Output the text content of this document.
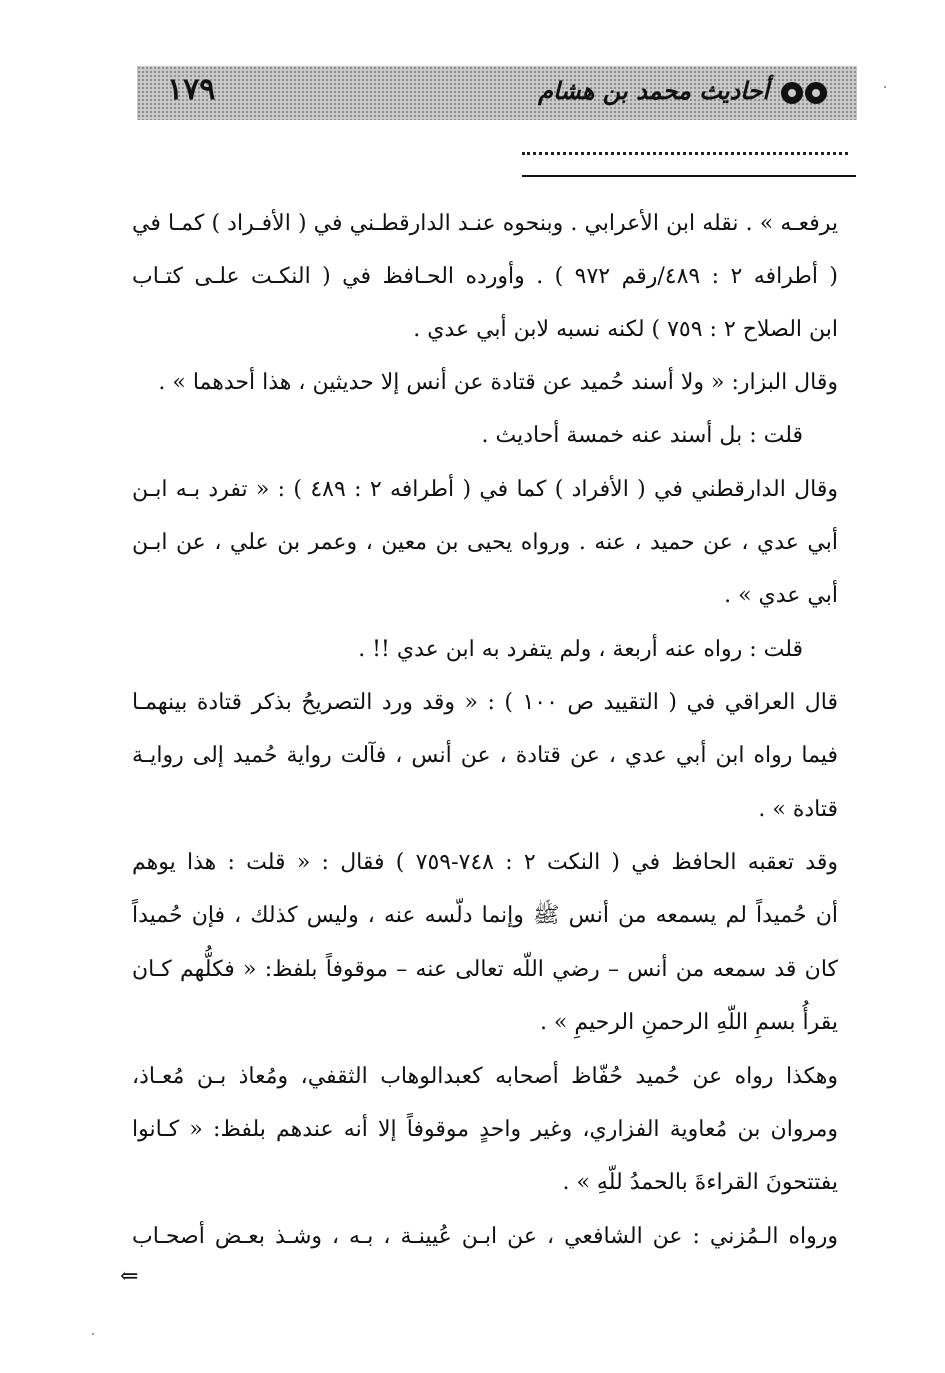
١٧٩	أحاديث محمد بن هشام
يرفعـه » . نقله ابن الأعرابي . وبنحوه عنـد الدارقطـني في ( الأفـراد ) كمـا في
( أطرافه ٢ : ٤٨٩/رقم ٩٧٢ ) . وأورده الحـافظ في ( النكـت علـى كتـاب
ابن الصلاح ٢ : ٧٥٩ ) لكنه نسبه لابن أبي عدي .
وقال البزار: « ولا أسند حُميد عن قتادة عن أنس إلا حديثين ، هذا أحدهما » .
قلت : بل أسند عنه خمسة أحاديث .
وقال الدارقطني في ( الأفراد ) كما في ( أطرافه ٢ : ٤٨٩ ) : « تفرد بـه ابـن
أبي عدي ، عن حميد ، عنه . ورواه يحيى بن معين ، وعمر بن علي ، عن ابـن
أبي عدي » .
قلت : رواه عنه أربعة ، ولم يتفرد به ابن عدي !! .
قال العراقي في ( التقييد ص ١٠٠ ) : « وقد ورد التصريحُ بذكر قتادة بينهمـا
فيما رواه ابن أبي عدي ، عن قتادة ، عن أنس ، فآلت رواية حُميد إلى روايـة
قتادة » .
وقد تعقبه الحافظ في ( النكت ٢ : ٧٤٨-٧٥٩ ) فقال : « قلت : هذا يوهم
أن حُميداً لم يسمعه من أنس ﷺ وإنما دلّسه عنه ، وليس كذلك ، فإن حُميداً
كان قد سمعه من أنس – رضي اللّه تعالى عنه – موقوفاً بلفظ: « فكلُّهم كـان
يقرأُ بسمِ اللّهِ الرحمنِ الرحيمِ » .
وهكذا رواه عن حُميد حُفّاظ أصحابه كعبدالوهاب الثقفي، ومُعاذ بـن مُعـاذ،
ومروان بن مُعاوية الفزاري، وغير واحدٍ موقوفاً إلا أنه عندهم بلفظ: « كـانوا
يفتتحونَ القراءةَ بالحمدُ للّهِ » .
ورواه الـمُزني : عن الشافعي ، عن ابـن عُيينـة ، بـه ، وشـذ بعـض أصحـاب
⇐
